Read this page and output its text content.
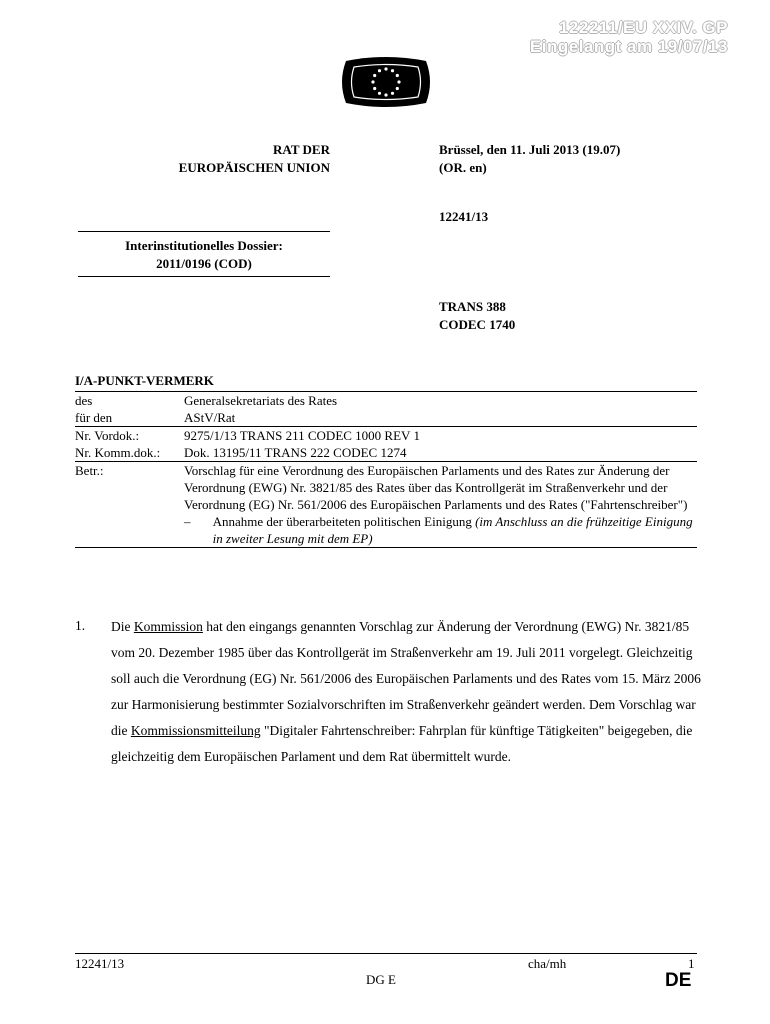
122211/EU XXIV. GP
Eingelangt am 19/07/13
RAT DER
EUROPÄISCHEN UNION
Brüssel, den 11. Juli 2013 (19.07)
(OR. en)
12241/13
Interinstitutionelles Dossier:
2011/0196 (COD)
TRANS 388
CODEC 1740
I/A-PUNKT-VERMERK
des	Generalsekretariats des Rates
für den	AStV/Rat
Nr. Vordok.:	9275/1/13 TRANS 211 CODEC 1000 REV 1
Nr. Komm.dok.:	Dok. 13195/11 TRANS 222 CODEC 1274
Betr.:	Vorschlag für eine Verordnung des Europäischen Parlaments und des Rates zur Änderung der Verordnung (EWG) Nr. 3821/85 des Rates über das Kontrollgerät im Straßenverkehr und der Verordnung (EG) Nr. 561/2006 des Europäischen Parlaments und des Rates ("Fahrtenschreiber")
– Annahme der überarbeiteten politischen Einigung (im Anschluss an die frühzeitige Einigung in zweiter Lesung mit dem EP)
1. Die Kommission hat den eingangs genannten Vorschlag zur Änderung der Verordnung (EWG) Nr. 3821/85 vom 20. Dezember 1985 über das Kontrollgerät im Straßenverkehr am 19. Juli 2011 vorgelegt. Gleichzeitig soll auch die Verordnung (EG) Nr. 561/2006 des Europäischen Parlaments und des Rates vom 15. März 2006 zur Harmonisierung bestimmter Sozialvorschriften im Straßenverkehr geändert werden. Dem Vorschlag war die Kommissionsmitteilung "Digitaler Fahrtenschreiber: Fahrplan für künftige Tätigkeiten" beigegeben, die gleichzeitig dem Europäischen Parlament und dem Rat übermittelt wurde.
12241/13	cha/mh	1
DG E	DE
